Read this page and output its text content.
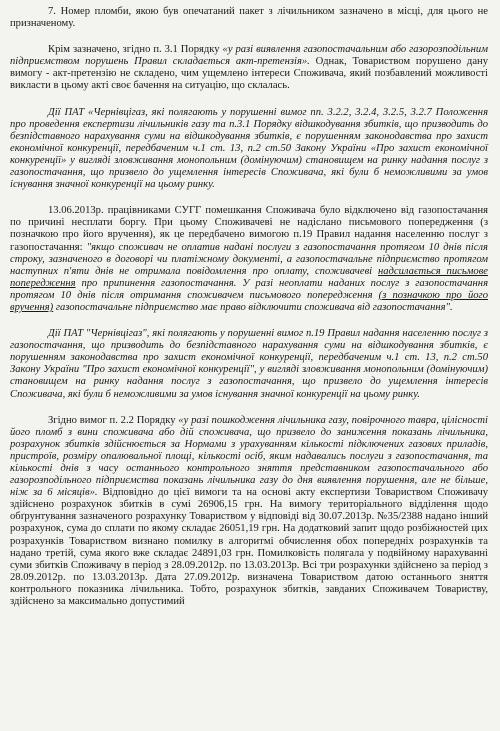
7. Номер пломби, якою був опечатаний пакет з лічильником зазначено в місці, для цього не призначеному.

Крім зазначено, згідно п. 3.1 Порядку «у разі виявлення газопостачальним або газорозподільним підприємством порушень Правил складається акт-претензія». Однак, Товариством порушено дану вимогу - акт-претензію не складено, чим ущемлено інтереси Споживача, який позбавлений можливості викласти в цьому акті своє бачення на ситуацію, що склалась.

Дії ПАТ «Чернівцігаз, які полягають у порушенні вимог пп. 3.2.2, 3.2.4, 3.2.5, 3.2.7 Положення про проведення експертизи лічильників газу та п.3.1 Порядку відшкодування збитків, що призводить до безпідставного нарахування суми на відшкодування збитків, є порушенням законодавства про захист економічної конкуренції, передбаченим ч.1 ст. 13, п.2 ст.50 Закону України «Про захист економічної конкуренції» у вигляді зловживання монопольним (домінуючим) становищем на ринку надання послуг з газопостачання, що призвело до ущемлення інтересів Споживача, які були б неможливими за умов існування значної конкуренції на цьому ринку.

13.06.2013р. працівниками СУГГ помешкання Споживача було відключено від газопостачання по причині несплати боргу. При цьому Споживачеві не надіслано письмового попередження (з позначкою про його вручення), як це передбачено вимогою п.19 Правил надання населенню послуг з газопостачання: "якщо споживач не оплатив надані послуги з газопостачання протягом 10 днів після строку, зазначеного в договорі чи платіжному документі, а газопостачальне підприємство протягом наступних п'яти днів не отримала повідомлення про оплату, споживачеві надсилається письмове попередження про припинення газопостачання. У разі неоплати наданих послуг з газопостачання протягом 10 днів після отримання споживачем письмового попередження (з позначкою про його вручення) газопостачальне підприємство має право відключити споживача від газопостачання".

Дії ПАТ "Чернівцігаз", які полягають у порушенні вимог п.19 Правил надання населенню послуг з газопостачання, що призводить до безпідставного нарахування суми на відшкодування збитків, є порушенням законодавства про захист економічної конкуренції, передбаченим ч.1 ст. 13, п.2 ст.50 Закону України "Про захист економічної конкуренції", у вигляді зловживання монопольним (домінуючим) становищем на ринку надання послуг з газопостачання, що призвело до ущемлення інтересів Споживача, які були б неможливими за умов існування значної конкуренції на цьому ринку.

Згідно вимог п. 2.2 Порядку «у разі пошкодження лічильника газу, повірочного тавра, цілісності його пломб з вини споживача або дій споживача, що призвело до заниження показань лічильника, розрахунок збитків здійснюється за Нормами з урахуванням кількості підключених газових приладів, пристроїв, розміру опалювальної площі, кількості осіб, яким надавались послуги з газопостачання, та кількості днів з часу останнього контрольного зняття представником газопостачального або газорозподільного підприємства показань лічильника газу до дня виявлення порушення, але не більше, ніж за 6 місяців». Відповідно до цієї вимоги та на основі акту експертизи Товариством Споживачу здійснено розрахунок збитків в сумі 26906,15 грн. На вимогу територіального відділення щодо обґрунтування зазначеного розрахунку Товариством у відповіді від 30.07.2013р. №35/2388 надано інший розрахунок, сума до сплати по якому складає 26051,19 грн. На додатковий запит щодо розбіжностей цих розрахунків Товариством визнано помилку в алгоритмі обчислення обох попередніх розрахунків та надано третій, сума якого вже складає 24891,03 грн. Помилковість полягала у подвійному нарахуванні суми збитків Споживачу в період з 28.09.2012р. по 13.03.2013р. Всі три розрахунки здійснено за період з 28.09.2012р. по 13.03.2013р. Дата 27.09.2012р. визначена Товариством датою останнього зняття контрольного показника лічильника. Тобто, розрахунок збитків, завданих Споживачем Товариству, здійснено за максимально допустимий
